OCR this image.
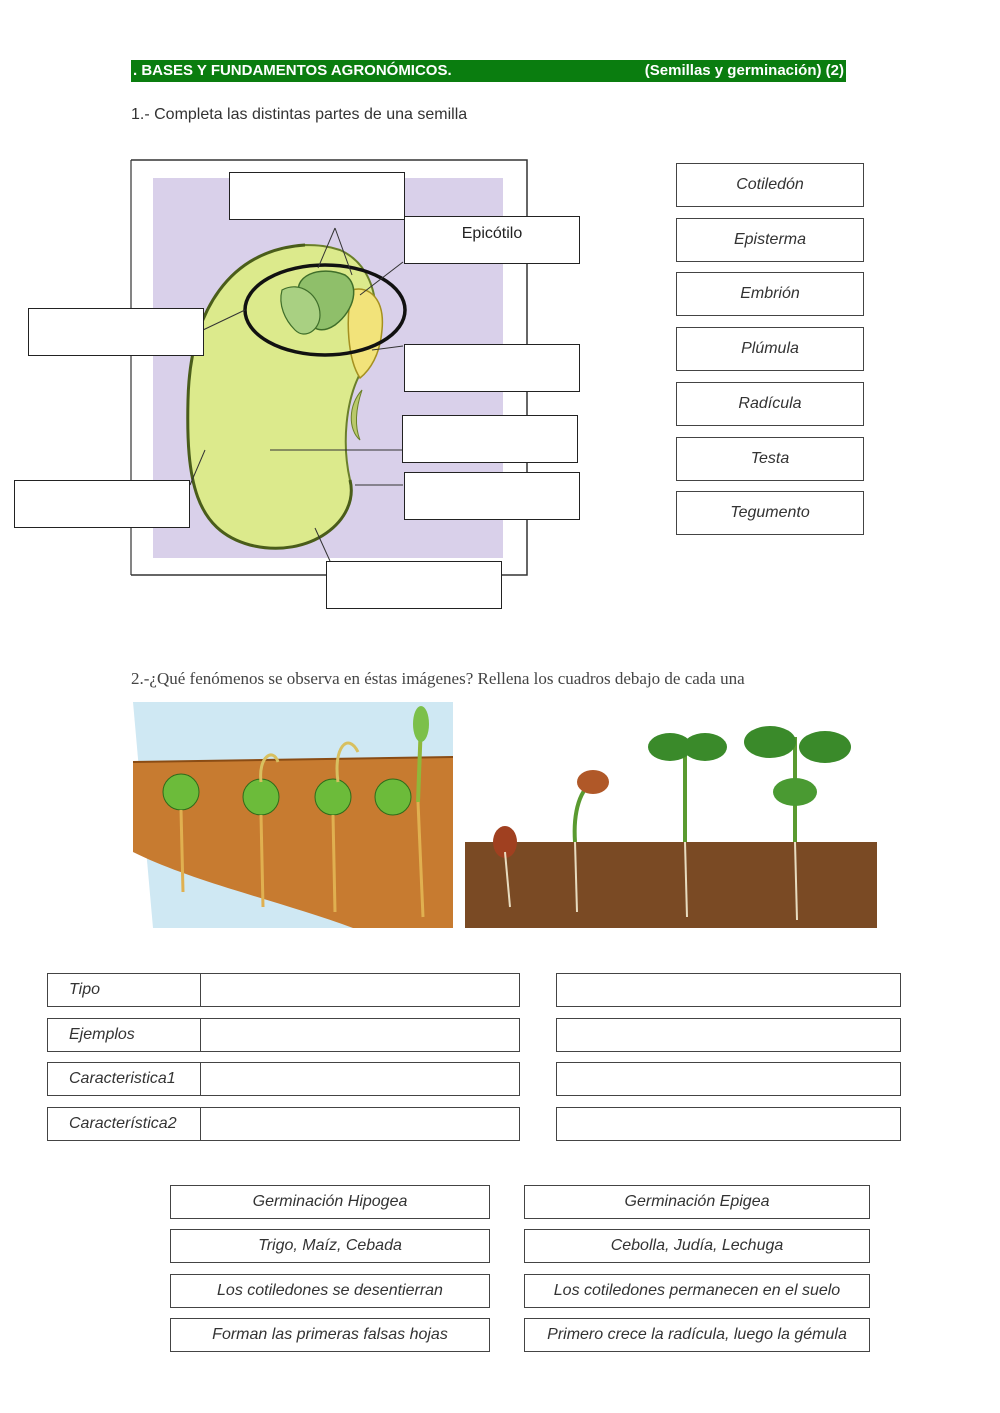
. BASES Y FUNDAMENTOS AGRONÓMICOS.	(Semillas y germinación) (2)
1.- Completa las distintas partes de una semilla
Epicótilo
Cotiledón
Episterma
Embrión
Plúmula
Radícula
Testa
Tegumento
2.-¿Qué fenómenos se observa en éstas imágenes? Rellena los cuadros debajo de cada una
Tipo
Ejemplos
Caracteristica1
Característica2
Germinación Hipogea
Trigo, Maíz, Cebada
Los cotiledones se desentierran
Forman las primeras falsas hojas
Germinación Epigea
Cebolla, Judía, Lechuga
Los cotiledones permanecen en el suelo
Primero crece la radícula, luego la gémula
